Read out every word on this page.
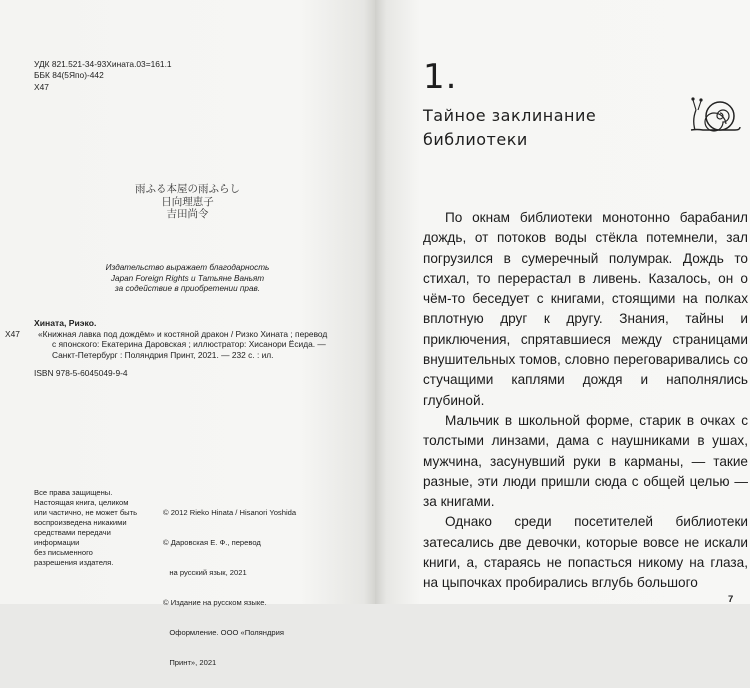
УДК 821.521-34-93Хината.03=161.1
ББК 84(5Япо)-442
Х47
雨ふる本屋の雨ふらし
日向理恵子
吉田尚令
Издательство выражает благодарность
Japan Foreign Rights и Татьяне Ваньят
за содействие в приобретении прав.
Хината, Риэко.
Х47 «Книжная лавка под дождём» и костяной дракон / Ризко Хината ; перевод
с японского: Екатерина Даровская ; иллюстратор: Хисанори Ёсида. —
Санкт-Петербург : Поляндрия Принт, 2021. — 232 с. : ил.
ISBN 978-5-6045049-9-4
Все права защищены.
Настоящая книга, целиком
или частично, не может быть
воспроизведена никакими
средствами передачи
информации
без письменного
разрешения издателя.

© 2012 Rieko Hinata / Hisanori Yoshida

© Даровская Е. Ф., перевод

на русский язык, 2021

© Издание на русском языке.

Оформление. ООО «Поляндрия

Принт», 2021

1.
Тайное заклинание
библиотеки

По окнам библиотеки монотонно барабанил дождь, от потоков воды стёкла потемнели, зал погрузился в сумеречный полумрак. Дождь то стихал, то перерастал в ливень. Казалось, он о чём-то беседует с книгами, стоящими на полках вплотную друг к другу. Знания, тайны и приключения, спрятавшиеся между страницами внушительных томов, словно переговаривались со стучащими каплями дождя и наполнялись глубиной.

Мальчик в школьной форме, старик в очках с толстыми линзами, дама с наушниками в ушах, мужчина, засунувший руки в карманы, — такие разные, эти люди пришли сюда с общей целью — за книгами.

Однако среди посетителей библиотеки затесались две девочки, которые вовсе не искали книги, а, стараясь не попасться никому на глаза, на цыпочках пробирались вглубь большого

7
